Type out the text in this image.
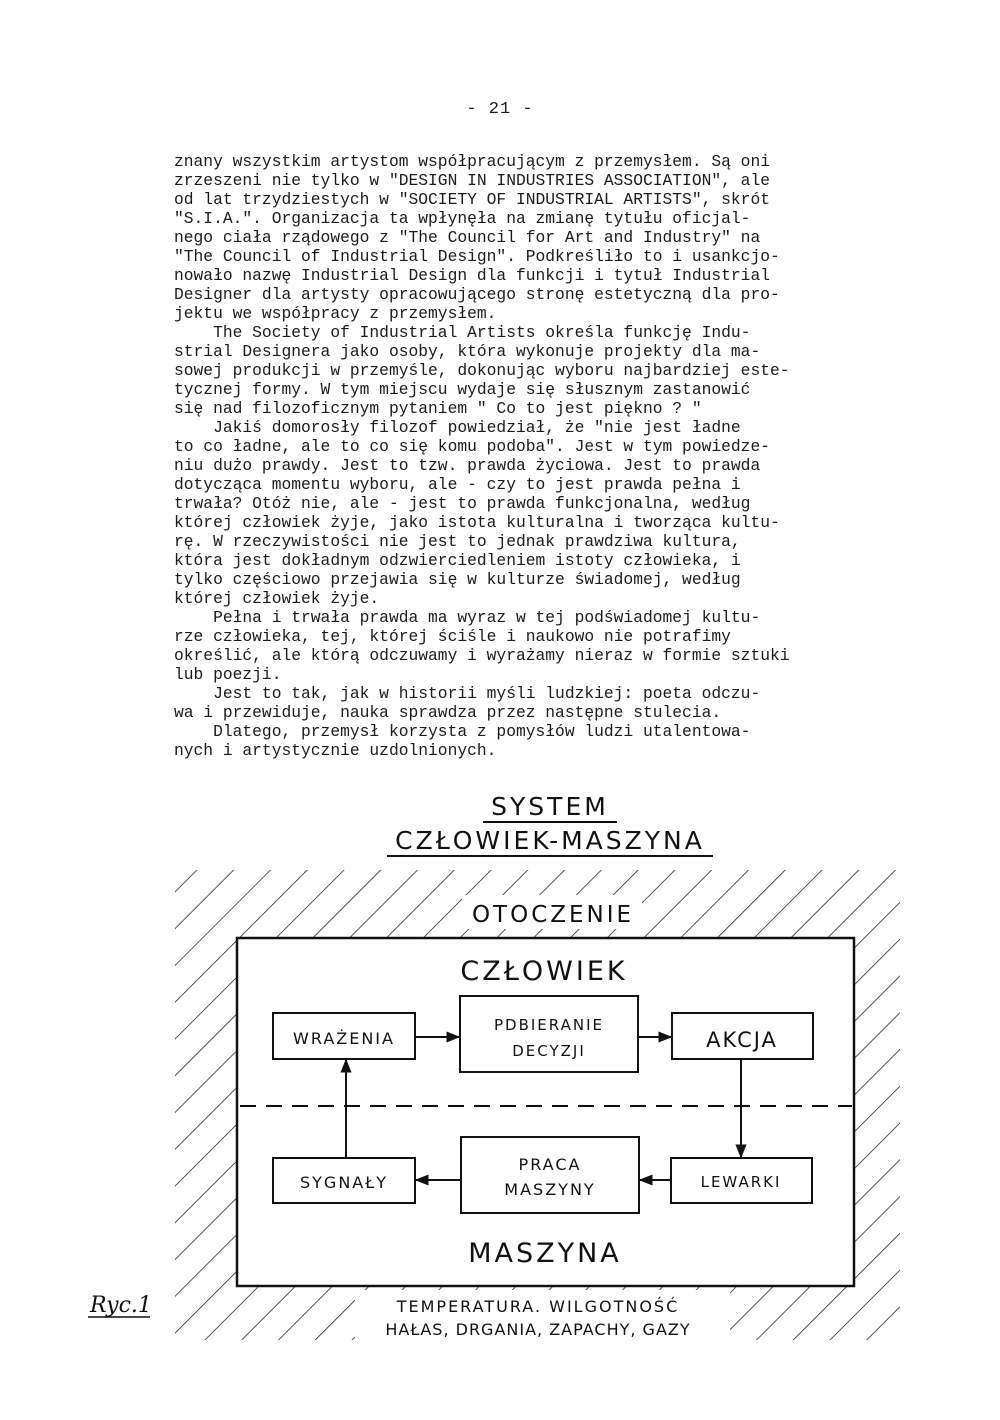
- 21 -
znany wszystkim artystom współpracującym z przemysłem. Są oni
zrzeszeni nie tylko w "DESIGN IN INDUSTRIES ASSOCIATION", ale
od lat trzydziestych w "SOCIETY OF INDUSTRIAL ARTISTS", skrót
"S.I.A.". Organizacja ta wpłynęła na zmianę tytułu oficjal-
nego ciała rządowego z "The Council for Art and Industry" na
"The Council of Industrial Design". Podkreśliło to i usankcjo-
nowało nazwę Industrial Design dla funkcji i tytuł Industrial
Designer dla artysty opracowującego stronę estetyczną dla pro-
jektu we współpracy z przemysłem.
The Society of Industrial Artists określa funkcję Indu-
strial Designera jako osoby, która wykonuje projekty dla ma-
sowej produkcji w przemyśle, dokonując wyboru najbardziej este-
tycznej formy. W tym miejscu wydaje się słusznym zastanowić
się nad filozoficznym pytaniem " Co to jest piękno ? "
Jakiś domorosły filozof powiedział, że "nie jest ładne
to co ładne, ale to co się komu podoba". Jest w tym powiedze-
niu dużo prawdy. Jest to tzw. prawda życiowa. Jest to prawda
dotycząca momentu wyboru, ale - czy to jest prawda pełna i
trwała? Otóż nie, ale - jest to prawda funkcjonalna, według
której człowiek żyje, jako istota kulturalna i tworząca kultu-
rę. W rzeczywistości nie jest to jednak prawdziwa kultura,
która jest dokładnym odzwierciedleniem istoty człowieka, i
tylko częściowo przejawia się w kulturze świadomej, według
której człowiek żyje.
Pełna i trwała prawda ma wyraz w tej podświadomej kultu-
rze człowieka, tej, której ściśle i naukowo nie potrafimy
określić, ale którą odczuwamy i wyrażamy nieraz w formie sztuki
lub poezji.
Jest to tak, jak w historii myśli ludzkiej: poeta odczu-
wa i przewiduje, nauka sprawdza przez następne stulecia.
Dlatego, przemysł korzysta z pomysłów ludzi utalentowa-
nych i artystycznie uzdolnionych.
SYSTEM
CZŁOWIEK-MASZYNA
OTOCZENIE
CZŁOWIEK
WRAŻENIA
PDBIERANIE
DECYZJI	AKCJA
SYGNAŁY
PRACA
MASZYNY	LEWARKI
MASZYNA
TEMPERATURA. WILGOTNOŚĆ
HAŁAS, DRGANIA, ZAPACHY, GAZY
Ryc.1
